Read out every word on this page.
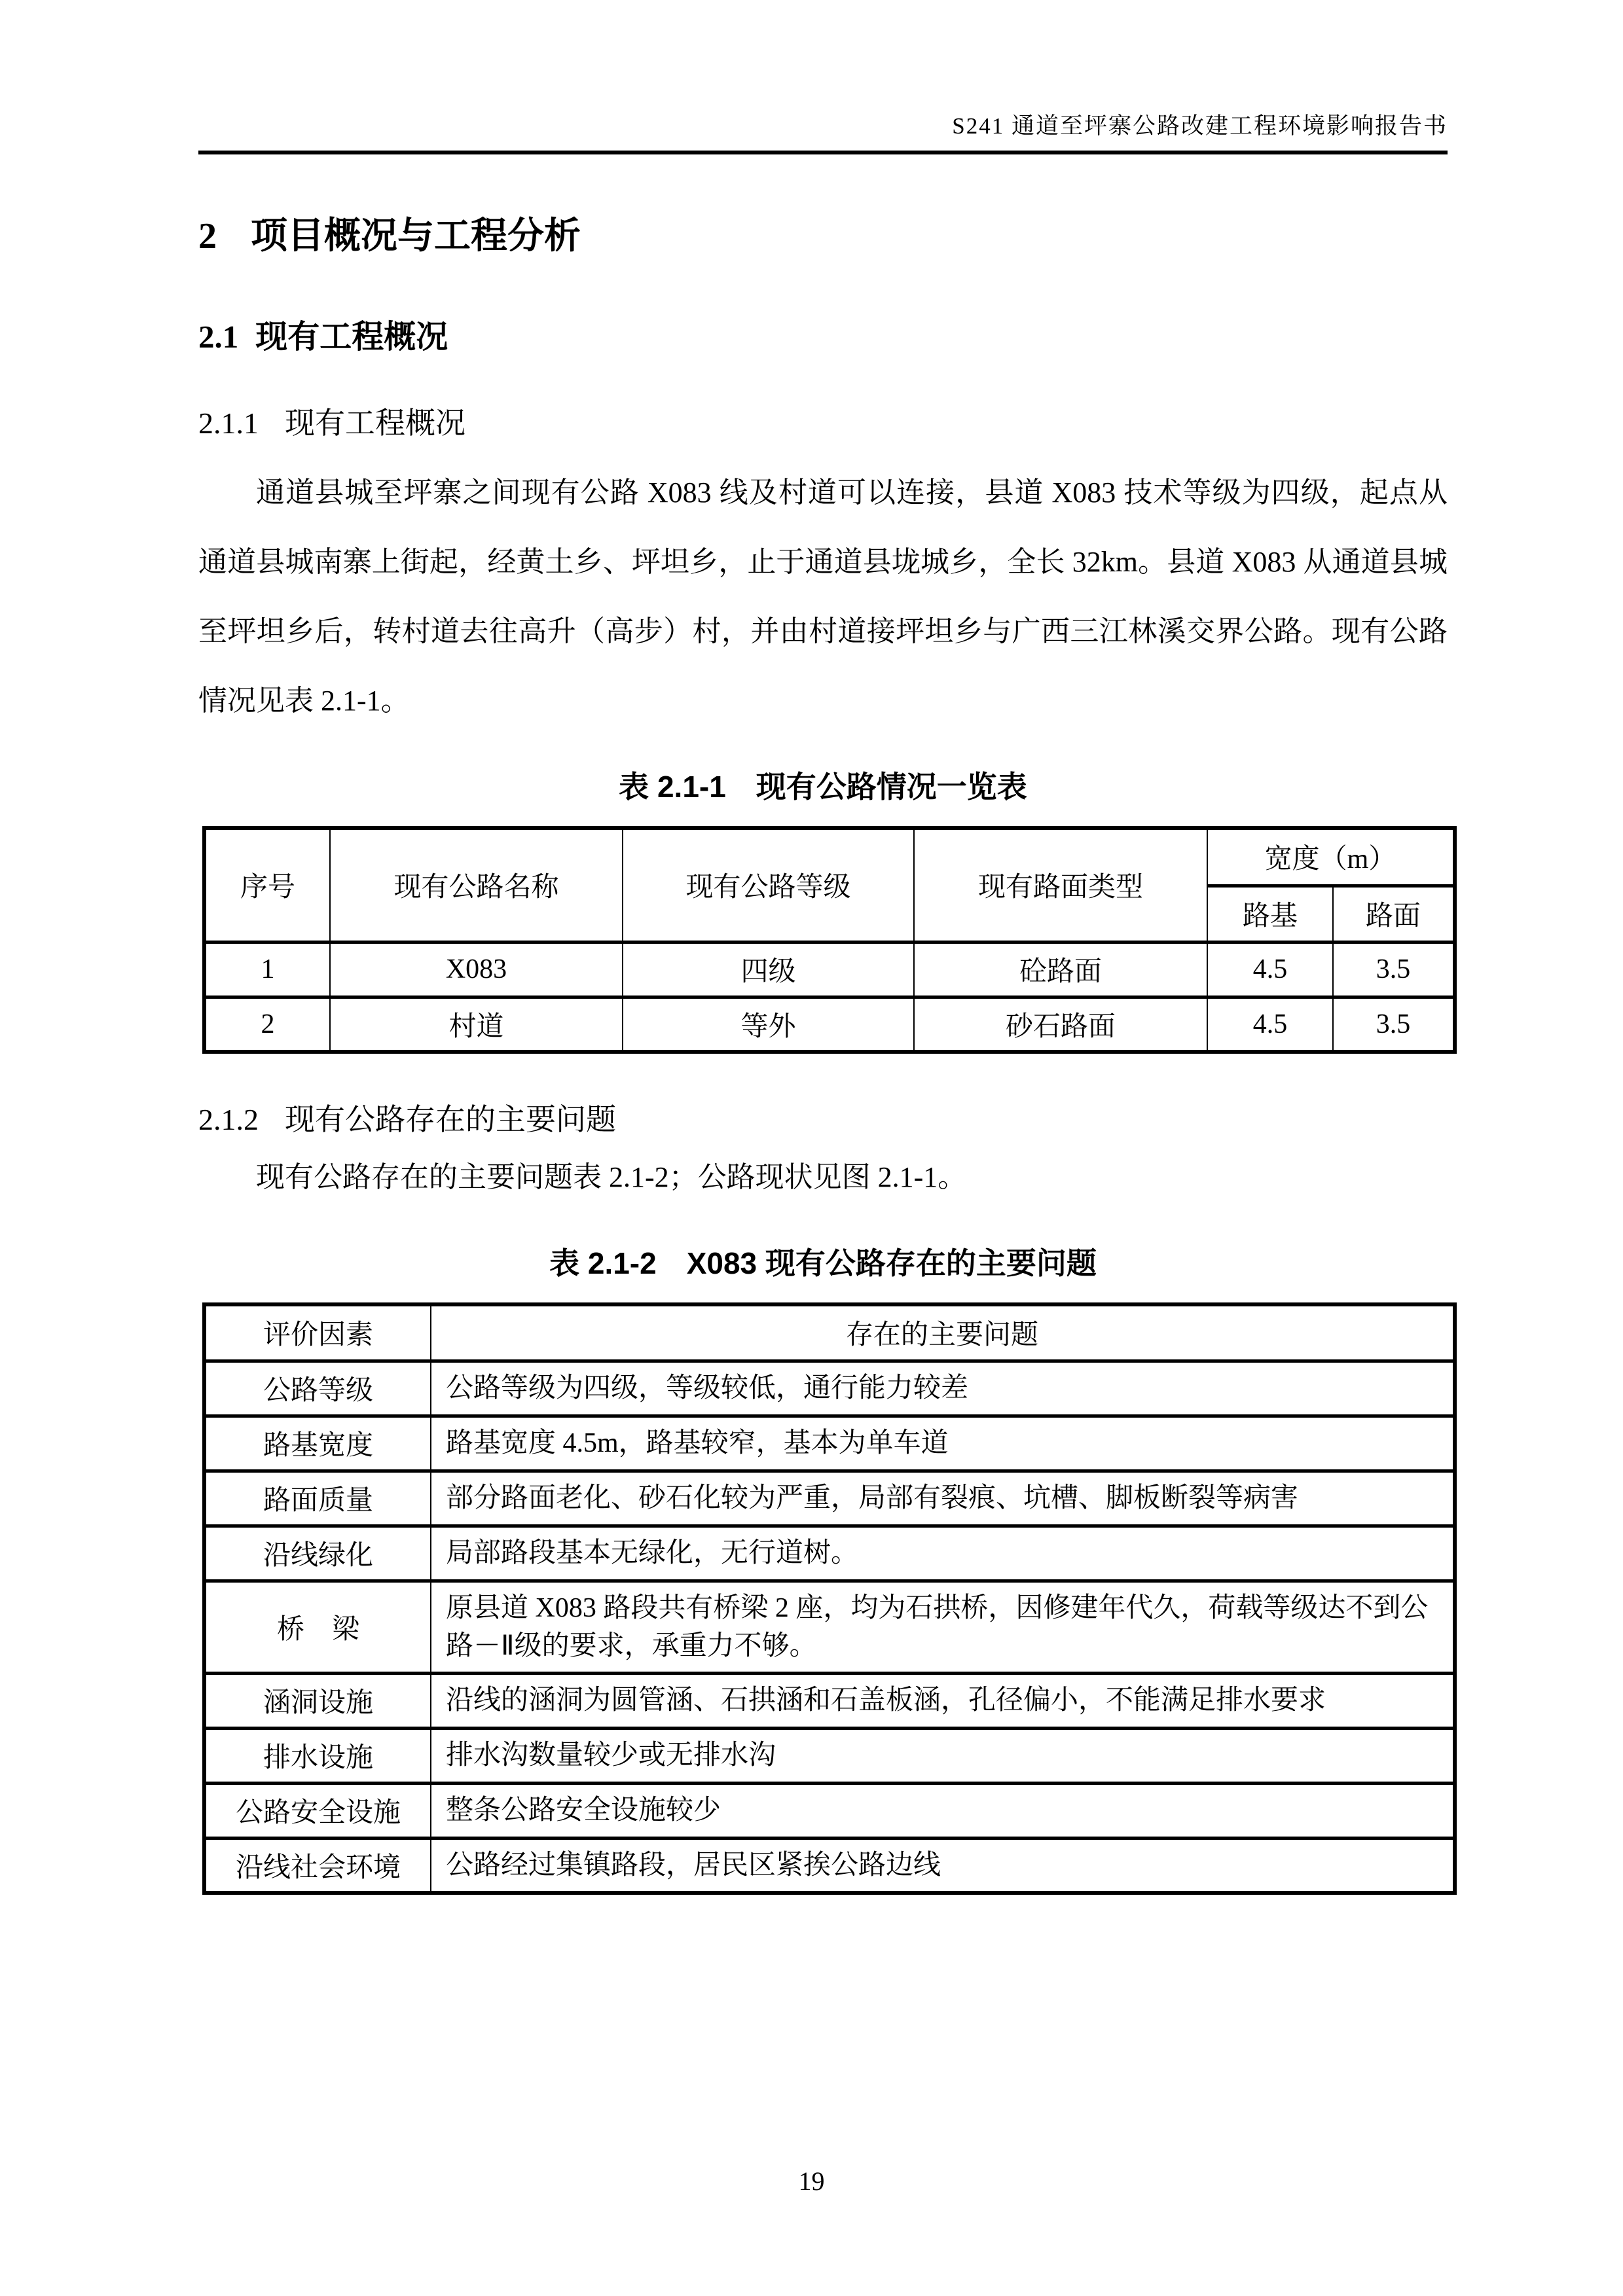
S241 通道至坪寨公路改建工程环境影响报告书
2 项目概况与工程分析
2.1 现有工程概况
2.1.1 现有工程概况

通道县城至坪寨之间现有公路 X083 线及村道可以连接，县道 X083 技术等级为四级，起点从通道县城南寨上街起，经黄土乡、坪坦乡，止于通道县垅城乡，全长 32km。县道 X083 从通道县城至坪坦乡后，转村道去往高升（高步）村，并由村道接坪坦乡与广西三江林溪交界公路。现有公路情况见表 2.1-1。

表 2.1-1　现有公路情况一览表
序号	现有公路名称	现有公路等级	现有路面类型	宽度（m）	
				路基	路面
1	X083	四级	砼路面	4.5	3.5
2	村道	等外	砂石路面	4.5	3.5
2.1.2 现有公路存在的主要问题

现有公路存在的主要问题表 2.1-2；公路现状见图 2.1-1。

表 2.1-2　X083 现有公路存在的主要问题
评价因素	存在的主要问题
公路等级	公路等级为四级，等级较低，通行能力较差
路基宽度	路基宽度 4.5m，路基较窄，基本为单车道
路面质量	部分路面老化、砂石化较为严重，局部有裂痕、坑槽、脚板断裂等病害
沿线绿化	局部路段基本无绿化，无行道树。
桥　梁	原县道 X083 路段共有桥梁 2 座，均为石拱桥，因修建年代久，荷载等级达不到公路－Ⅱ级的要求，承重力不够。
涵洞设施	沿线的涵洞为圆管涵、石拱涵和石盖板涵，孔径偏小，不能满足排水要求
排水设施	排水沟数量较少或无排水沟
公路安全设施	整条公路安全设施较少
沿线社会环境	公路经过集镇路段，居民区紧挨公路边线
19
